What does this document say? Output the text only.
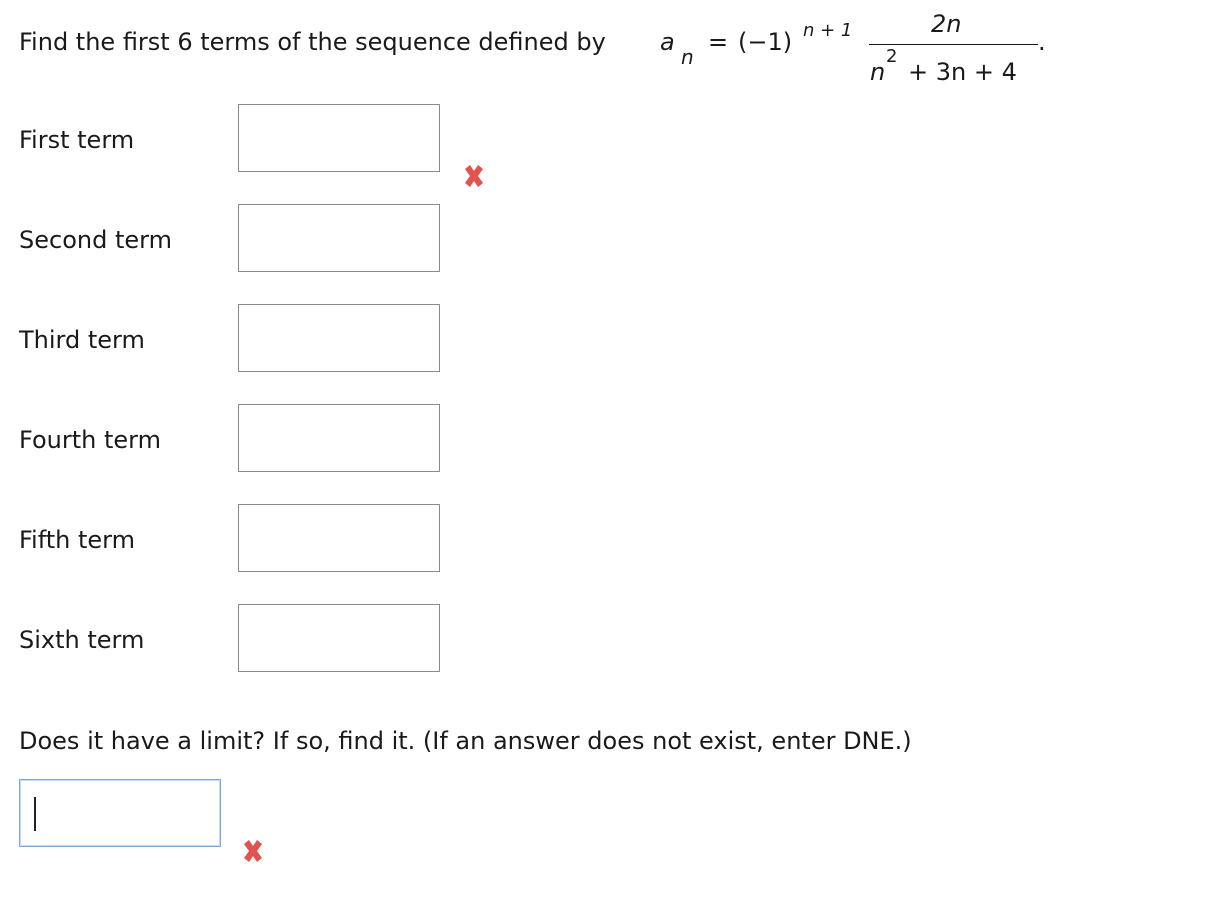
Find the first 6 terms of the sequence defined by a
n
= (−1) n + 1	2n
n
2
+ 3n + 4
.
First term
Second term
Third term
Fourth term
Fifth term
Sixth term
Does it have a limit? If so, find it. (If an answer does not exist, enter DNE.)
